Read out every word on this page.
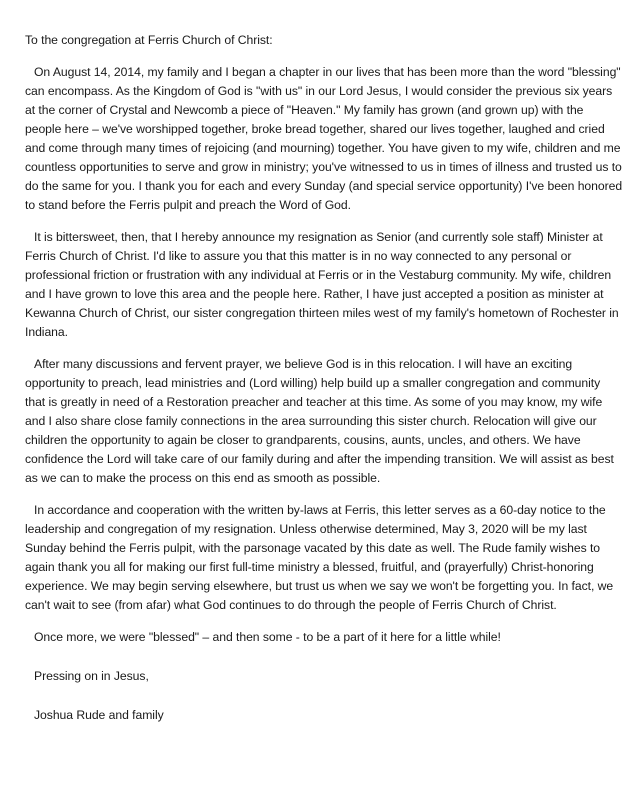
To the congregation at Ferris Church of Christ:

On August 14, 2014, my family and I began a chapter in our lives that has been more than the word "blessing" can encompass. As the Kingdom of God is "with us" in our Lord Jesus, I would consider the previous six years at the corner of Crystal and Newcomb a piece of "Heaven." My family has grown (and grown up) with the people here – we've worshipped together, broke bread together, shared our lives together, laughed and cried and come through many times of rejoicing (and mourning) together. You have given to my wife, children and me countless opportunities to serve and grow in ministry; you've witnessed to us in times of illness and trusted us to do the same for you. I thank you for each and every Sunday (and special service opportunity) I've been honored to stand before the Ferris pulpit and preach the Word of God.

It is bittersweet, then, that I hereby announce my resignation as Senior (and currently sole staff) Minister at Ferris Church of Christ. I'd like to assure you that this matter is in no way connected to any personal or professional friction or frustration with any individual at Ferris or in the Vestaburg community. My wife, children and I have grown to love this area and the people here. Rather, I have just accepted a position as minister at Kewanna Church of Christ, our sister congregation thirteen miles west of my family's hometown of Rochester in Indiana.

After many discussions and fervent prayer, we believe God is in this relocation. I will have an exciting opportunity to preach, lead ministries and (Lord willing) help build up a smaller congregation and community that is greatly in need of a Restoration preacher and teacher at this time. As some of you may know, my wife and I also share close family connections in the area surrounding this sister church. Relocation will give our children the opportunity to again be closer to grandparents, cousins, aunts, uncles, and others. We have confidence the Lord will take care of our family during and after the impending transition. We will assist as best as we can to make the process on this end as smooth as possible.

In accordance and cooperation with the written by-laws at Ferris, this letter serves as a 60-day notice to the leadership and congregation of my resignation. Unless otherwise determined, May 3, 2020 will be my last Sunday behind the Ferris pulpit, with the parsonage vacated by this date as well. The Rude family wishes to again thank you all for making our first full-time ministry a blessed, fruitful, and (prayerfully) Christ-honoring experience. We may begin serving elsewhere, but trust us when we say we won't be forgetting you. In fact, we can't wait to see (from afar) what God continues to do through the people of Ferris Church of Christ.

Once more, we were "blessed" – and then some - to be a part of it here for a little while!

Pressing on in Jesus,

Joshua Rude and family
